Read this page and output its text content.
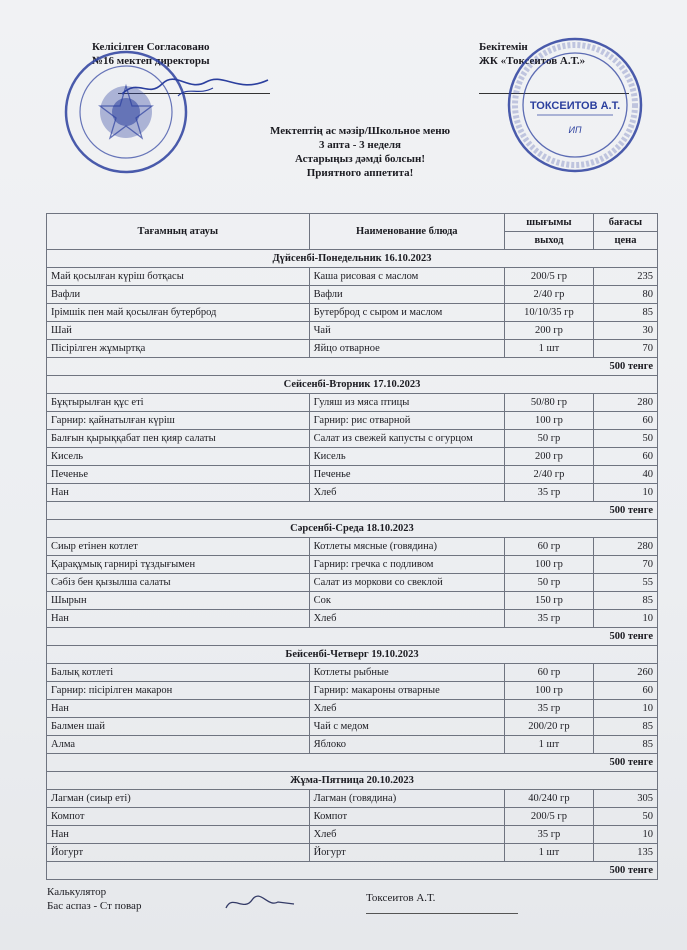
Келісілген Согласовано
№16 мектеп директоры
Бекітемін
ЖК «Токсеитов А.Т.»
ТОКСЕИТОВ А.Т.
ИП
Мектептің ас мәзір/Школьное меню
3 апта - 3 неделя
Астарыңыз дәмді болсын!
Приятного аппетита!
Тағамның атауы	Наименование блюда	шығымы	бағасы
		выход	цена
Дүйсенбі-Понедельник 16.10.2023			
Май қосылған күріш ботқасы	Каша рисовая с маслом	200/5 гр	235
Вафли	Вафли	2/40 гр	80
Ірімшік пен май қосылған бутерброд	Бутерброд с сыром и маслом	10/10/35 гр	85
Шай	Чай	200 гр	30
Пісірілген жұмыртқа	Яйцо отварное	1 шт	70
500 тенге			
Сейсенбі-Вторник 17.10.2023			
Бұқтырылған құс еті	Гуляш из мяса птицы	50/80 гр	280
Гарнир: қайнатылған күріш	Гарнир: рис отварной	100 гр	60
Балғын қырыққабат пен қияр салаты	Салат из свежей капусты с огурцом	50 гр	50
Кисель	Кисель	200 гр	60
Печенье	Печенье	2/40 гр	40
Нан	Хлеб	35 гр	10
500 тенге			
Сәрсенбі-Среда 18.10.2023			
Сиыр етінен котлет	Котлеты мясные (говядина)	60 гр	280
Қарақұмық гарнирі тұздығымен	Гарнир: гречка с подливом	100 гр	70
Сәбіз бен қызылша салаты	Салат из моркови со свеклой	50 гр	55
Шырын	Сок	150 гр	85
Нан	Хлеб	35 гр	10
500 тенге			
Бейсенбі-Четверг 19.10.2023			
Балық котлеті	Котлеты рыбные	60 гр	260
Гарнир: пісірілген макарон	Гарнир: макароны отварные	100 гр	60
Нан	Хлеб	35 гр	10
Балмен шай	Чай с медом	200/20 гр	85
Алма	Яблоко	1 шт	85
500 тенге			
Жұма-Пятница 20.10.2023			
Лагман (сиыр еті)	Лагман (говядина)	40/240 гр	305
Компот	Компот	200/5 гр	50
Нан	Хлеб	35 гр	10
Йогурт	Йогурт	1 шт	135
500 тенге			
Калькулятор
Бас аспаз - Ст повар
Токсеитов А.Т.
